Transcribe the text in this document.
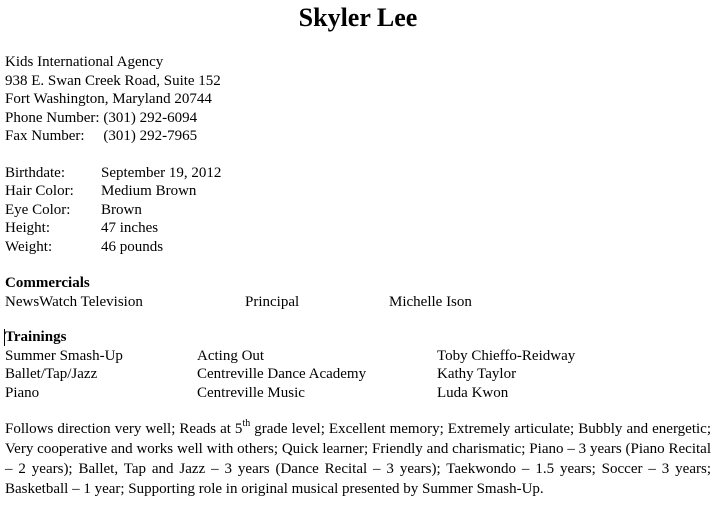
Skyler Lee
Kids International Agency
938 E. Swan Creek Road, Suite 152
Fort Washington, Maryland 20744
Phone Number: (301) 292-6094
Fax Number: (301) 292-7965
Birthdate:	September 19, 2012
Hair Color:	Medium Brown
Eye Color:	Brown
Height:	47 inches
Weight:	46 pounds
Commercials
NewsWatch Television	Principal	Michelle Ison
Trainings
Summer Smash-Up	Acting Out	Toby Chieffo-Reidway
Ballet/Tap/Jazz	Centreville Dance Academy	Kathy Taylor
Piano	Centreville Music	Luda Kwon
Follows direction very well; Reads at 5th grade level; Excellent memory; Extremely articulate; Bubbly and energetic; Very cooperative and works well with others; Quick learner; Friendly and charismatic; Piano – 3 years (Piano Recital – 2 years); Ballet, Tap and Jazz – 3 years (Dance Recital – 3 years); Taekwondo – 1.5 years; Soccer – 3 years; Basketball – 1 year; Supporting role in original musical presented by Summer Smash-Up.
